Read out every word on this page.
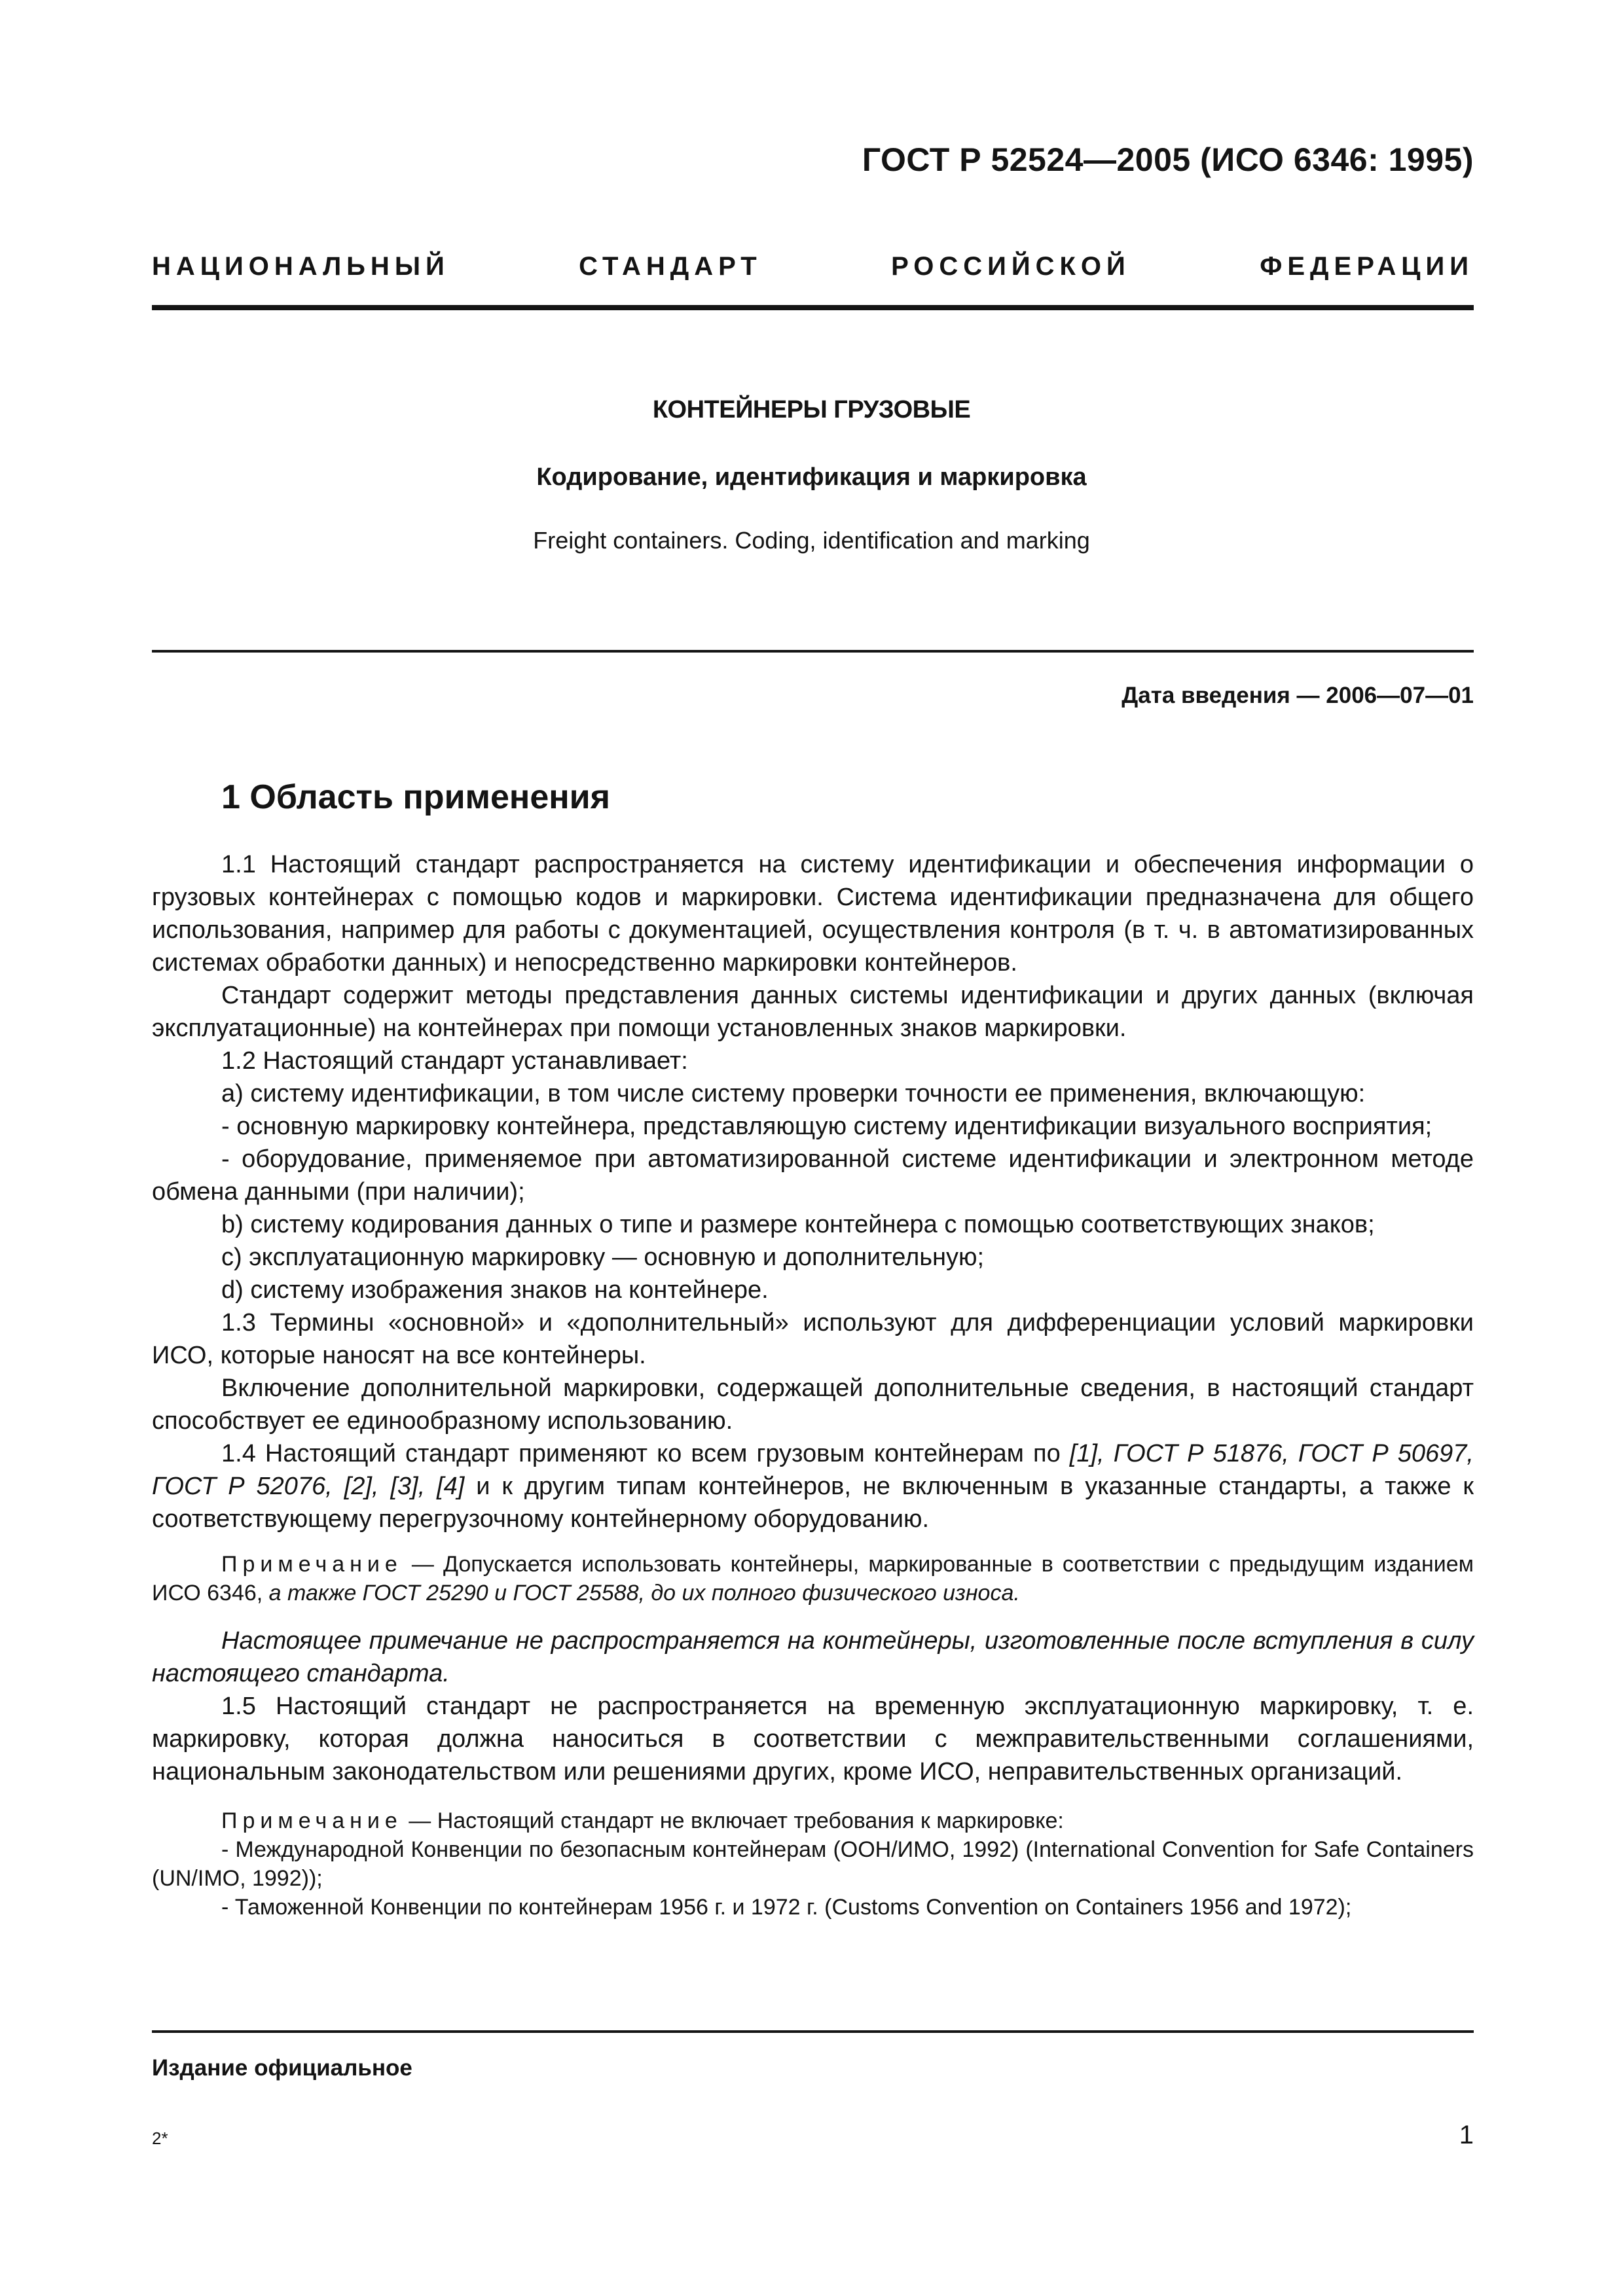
ГОСТ Р 52524—2005 (ИСО 6346: 1995)
НАЦИОНАЛЬНЫЙ	СТАНДАРТ	РОССИЙСКОЙ	ФЕДЕРАЦИИ
КОНТЕЙНЕРЫ ГРУЗОВЫЕ
Кодирование, идентификация и маркировка
Freight containers. Coding, identification and marking
Дата введения — 2006—07—01
1 Область применения

1.1 Настоящий стандарт распространяется на систему идентификации и обеспечения информации о грузовых контейнерах с помощью кодов и маркировки. Система идентификации предназначена для общего использования, например для работы с документацией, осуществления контроля (в т. ч. в автоматизированных системах обработки данных) и непосредственно маркировки контейнеров.

Стандарт содержит методы представления данных системы идентификации и других данных (включая эксплуатационные) на контейнерах при помощи установленных знаков маркировки.

1.2 Настоящий стандарт устанавливает:

а) систему идентификации, в том числе систему проверки точности ее применения, включающую:

- основную маркировку контейнера, представляющую систему идентификации визуального восприятия;

- оборудование, применяемое при автоматизированной системе идентификации и электронном методе обмена данными (при наличии);

b) систему кодирования данных о типе и размере контейнера с помощью соответствующих знаков;

с) эксплуатационную маркировку — основную и дополнительную;

d) систему изображения знаков на контейнере.

1.3 Термины «основной» и «дополнительный» используют для дифференциации условий маркировки ИСО, которые наносят на все контейнеры.

Включение дополнительной маркировки, содержащей дополнительные сведения, в настоящий стандарт способствует ее единообразному использованию.

1.4 Настоящий стандарт применяют ко всем грузовым контейнерам по [1], ГОСТ Р 51876, ГОСТ Р 50697, ГОСТ Р 52076, [2], [3], [4] и к другим типам контейнеров, не включенным в указанные стандарты, а также к соответствующему перегрузочному контейнерному оборудованию.

Примечание — Допускается использовать контейнеры, маркированные в соответствии с предыдущим изданием ИСО 6346, а также ГОСТ 25290 и ГОСТ 25588, до их полного физического износа.

Настоящее примечание не распространяется на контейнеры, изготовленные после вступления в силу настоящего стандарта.

1.5 Настоящий стандарт не распространяется на временную эксплуатационную маркировку, т. е. маркировку, которая должна наноситься в соответствии с межправительственными соглашениями, национальным законодательством или решениями других, кроме ИСО, неправительственных организаций.

Примечание — Настоящий стандарт не включает требования к маркировке:

- Международной Конвенции по безопасным контейнерам (ООН/ИМО, 1992) (International Convention for Safe Containers (UN/IMO, 1992));

- Таможенной Конвенции по контейнерам 1956 г. и 1972 г. (Customs Convention on Containers 1956 and 1972);

Издание официальное
2*	1
